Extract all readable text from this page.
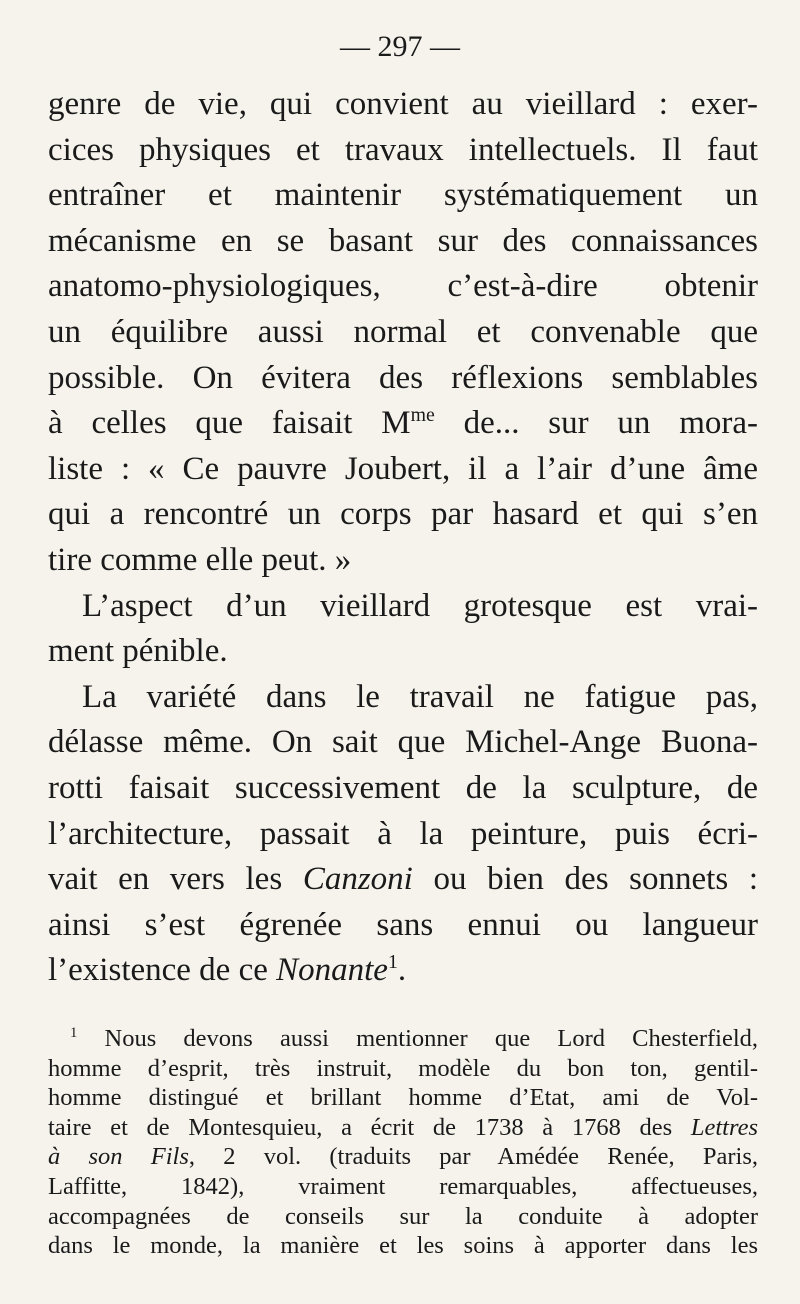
— 297 —
genre de vie, qui convient au vieillard : exer-
cices physiques et travaux intellectuels. Il faut
entraîner et maintenir systématiquement un
mécanisme en se basant sur des connaissances
anatomo-physiologiques, c’est-à-dire obtenir
un équilibre aussi normal et convenable que
possible. On évitera des réflexions semblables
à celles que faisait $M^{me}$ de... sur un mora-
liste : « Ce pauvre Joubert, il a l’air d’une âme
qui a rencontré un corps par hasard et qui s’en
tire comme elle peut. »
L’aspect d’un vieillard grotesque est vrai-
ment pénible.
La variété dans le travail ne fatigue pas,
délasse même. On sait que Michel-Ange Buona-
rotti faisait successivement de la sculpture, de
l’architecture, passait à la peinture, puis écri-
vait en vers les Canzoni ou bien des sonnets :
ainsi s’est égrenée sans ennui ou langueur
l’existence de ce Nonante$^1$.
$^1$ Nous devons aussi mentionner que Lord Chesterfield,
homme d’esprit, très instruit, modèle du bon ton, gentil-
homme distingué et brillant homme d’Etat, ami de Vol-
taire et de Montesquieu, a écrit de 1738 à 1768 des Lettres
à son Fils, 2 vol. (traduits par Amédée Renée, Paris,
Laffitte, 1842), vraiment remarquables, affectueuses,
accompagnées de conseils sur la conduite à adopter
dans le monde, la manière et les soins à apporter dans les
